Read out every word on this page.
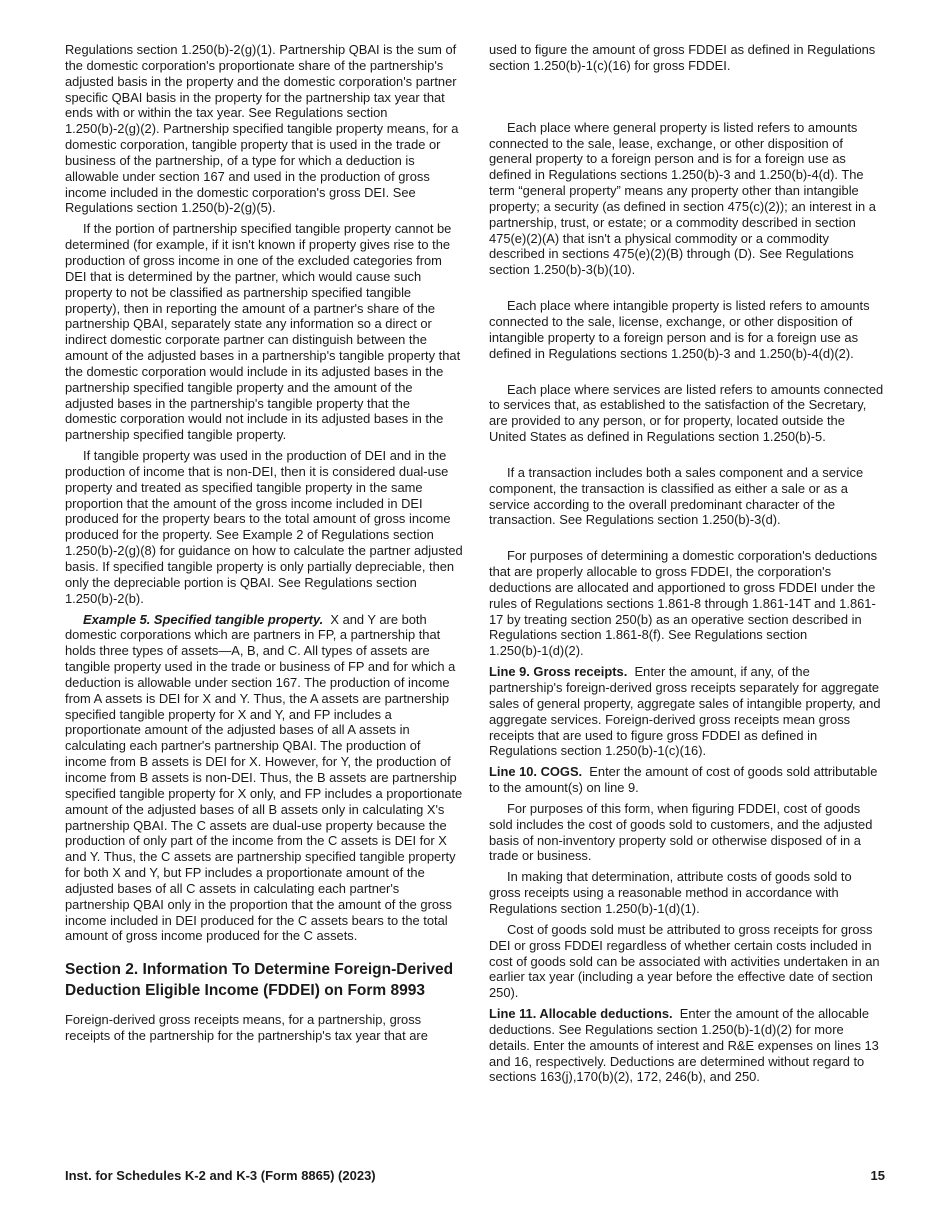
Regulations section 1.250(b)-2(g)(1). Partnership QBAI is the sum of the domestic corporation's proportionate share of the partnership's adjusted basis in the property and the domestic corporation's partner specific QBAI basis in the property for the partnership tax year that ends with or within the tax year. See Regulations section 1.250(b)-2(g)(2). Partnership specified tangible property means, for a domestic corporation, tangible property that is used in the trade or business of the partnership, of a type for which a deduction is allowable under section 167 and used in the production of gross income included in the domestic corporation's gross DEI. See Regulations section 1.250(b)-2(g)(5).

If the portion of partnership specified tangible property cannot be determined (for example, if it isn't known if property gives rise to the production of gross income in one of the excluded categories from DEI that is determined by the partner, which would cause such property to not be classified as partnership specified tangible property), then in reporting the amount of a partner's share of the partnership QBAI, separately state any information so a direct or indirect domestic corporate partner can distinguish between the amount of the adjusted bases in a partnership's tangible property that the domestic corporation would include in its adjusted bases in the partnership specified tangible property and the amount of the adjusted bases in the partnership's tangible property that the domestic corporation would not include in its adjusted bases in the partnership specified tangible property.

If tangible property was used in the production of DEI and in the production of income that is non-DEI, then it is considered dual-use property and treated as specified tangible property in the same proportion that the amount of the gross income included in DEI produced for the property bears to the total amount of gross income produced for the property. See Example 2 of Regulations section 1.250(b)-2(g)(8) for guidance on how to calculate the partner adjusted basis. If specified tangible property is only partially depreciable, then only the depreciable portion is QBAI. See Regulations section 1.250(b)-2(b).

Example 5. Specified tangible property. X and Y are both domestic corporations which are partners in FP, a partnership that holds three types of assets—A, B, and C. All types of assets are tangible property used in the trade or business of FP and for which a deduction is allowable under section 167. The production of income from A assets is DEI for X and Y. Thus, the A assets are partnership specified tangible property for X and Y, and FP includes a proportionate amount of the adjusted bases of all A assets in calculating each partner's partnership QBAI. The production of income from B assets is DEI for X. However, for Y, the production of income from B assets is non-DEI. Thus, the B assets are partnership specified tangible property for X only, and FP includes a proportionate amount of the adjusted bases of all B assets only in calculating X's partnership QBAI. The C assets are dual-use property because the production of only part of the income from the C assets is DEI for X and Y. Thus, the C assets are partnership specified tangible property for both X and Y, but FP includes a proportionate amount of the adjusted bases of all C assets in calculating each partner's partnership QBAI only in the proportion that the amount of the gross income included in DEI produced for the C assets bears to the total amount of gross income produced for the C assets.

Section 2. Information To Determine Foreign-Derived Deduction Eligible Income (FDDEI) on Form 8993

Foreign-derived gross receipts means, for a partnership, gross receipts of the partnership for the partnership's tax year that are

used to figure the amount of gross FDDEI as defined in Regulations section 1.250(b)-1(c)(16) for gross FDDEI.

Each place where general property is listed refers to amounts connected to the sale, lease, exchange, or other disposition of general property to a foreign person and is for a foreign use as defined in Regulations sections 1.250(b)-3 and 1.250(b)-4(d). The term “general property” means any property other than intangible property; a security (as defined in section 475(c)(2)); an interest in a partnership, trust, or estate; or a commodity described in section 475(e)(2)(A) that isn't a physical commodity or a commodity described in sections 475(e)(2)(B) through (D). See Regulations section 1.250(b)-3(b)(10).

Each place where intangible property is listed refers to amounts connected to the sale, license, exchange, or other disposition of intangible property to a foreign person and is for a foreign use as defined in Regulations sections 1.250(b)-3 and 1.250(b)-4(d)(2).

Each place where services are listed refers to amounts connected to services that, as established to the satisfaction of the Secretary, are provided to any person, or for property, located outside the United States as defined in Regulations section 1.250(b)-5.

If a transaction includes both a sales component and a service component, the transaction is classified as either a sale or as a service according to the overall predominant character of the transaction. See Regulations section 1.250(b)-3(d).

For purposes of determining a domestic corporation's deductions that are properly allocable to gross FDDEI, the corporation's deductions are allocated and apportioned to gross FDDEI under the rules of Regulations sections 1.861-8 through 1.861-14T and 1.861-17 by treating section 250(b) as an operative section described in Regulations section 1.861-8(f). See Regulations section 1.250(b)-1(d)(2).

Line 9. Gross receipts. Enter the amount, if any, of the partnership's foreign-derived gross receipts separately for aggregate sales of general property, aggregate sales of intangible property, and aggregate services. Foreign-derived gross receipts mean gross receipts that are used to figure gross FDDEI as defined in Regulations section 1.250(b)-1(c)(16).

Line 10. COGS. Enter the amount of cost of goods sold attributable to the amount(s) on line 9.

For purposes of this form, when figuring FDDEI, cost of goods sold includes the cost of goods sold to customers, and the adjusted basis of non-inventory property sold or otherwise disposed of in a trade or business.

In making that determination, attribute costs of goods sold to gross receipts using a reasonable method in accordance with Regulations section 1.250(b)-1(d)(1).

Cost of goods sold must be attributed to gross receipts for gross DEI or gross FDDEI regardless of whether certain costs included in cost of goods sold can be associated with activities undertaken in an earlier tax year (including a year before the effective date of section 250).

Line 11. Allocable deductions. Enter the amount of the allocable deductions. See Regulations section 1.250(b)-1(d)(2) for more details. Enter the amounts of interest and R&E expenses on lines 13 and 16, respectively. Deductions are determined without regard to sections 163(j),170(b)(2), 172, 246(b), and 250.

Inst. for Schedules K-2 and K-3 (Form 8865) (2023)	15
